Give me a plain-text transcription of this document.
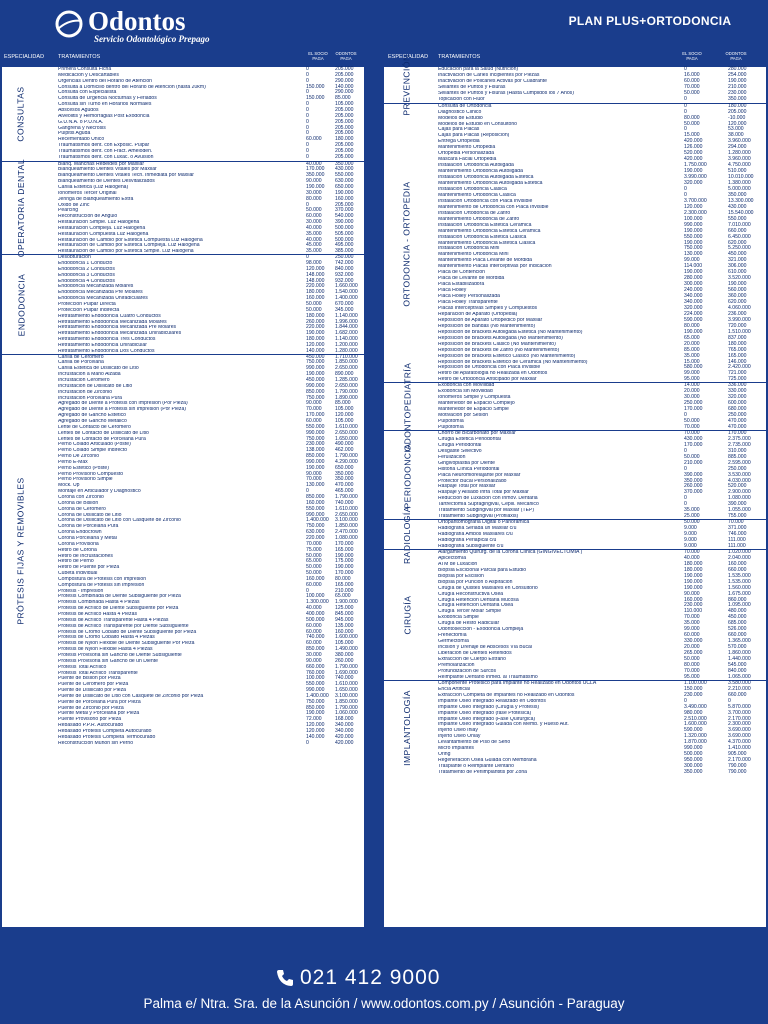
Odontos
Servicio Odontológico Prepago
PLAN PLUS+ORTODONCIA
ESPECIALIDAD	TRATAMIENTOS
EL SOCIO PAGA
ODONTOS PAGA	ESPECIALIDAD TRATAMIENTOS
EL SOCIO PAGA
ODONTOS PAGA
CONSULTAS
Primera Consulta Ficha	0	205.000
Medicación y Descartables	0	205.000
Urgencias Dentro del Horario de Atención	0	290.000
Consulta a Domicilio dentro del Horario de Atención (hasta 20km)	150.000 140.000
Consulta con Especialista	0	290.000
Consulta de Urgencia Nocturnas y Feriados	150.000 85.000
Consulta sin Turno en Horarios Normales	0	105.000
Abscesos Agudos	0	205.000
Alveolitis y Hemorragias Post Exodoncia	0	205.000
G.U.N.A. o P.U.N.A.	0	205.000
Gangrena y Necrosis	0	205.000
Pulpitis Aguda	0	205.000
Recementado Unico	60.000	180.000
Traumatismos dent. con Exposic. Pulpar	0	205.000
Traumatismos dent. con Fract. Ameloden.	0	205.000
Traumatismos dent. con Luxac. o Avulsión	0	205.000
OPERATORIA DENTAL	Blanq. Manchas Rebeldes por Maxilar	40.000	350.000
Blanqueamiento Dientes Vitales por Maxilar	170.000 430.000
Blanqueamiento Dientes Vitales Tecn. Inmediata por Maxilar	350.000 550.000
Blanqueamiento de Dientes Desvitalizados	90.000	630.000
Carilla Estética (Luz Halógena)	190.000 650.000
Ionómeros Tercer Original	30.000	190.000
Jeringa de Blanqueamiento Extra	80.000	160.000
Óxido de Zinc	0	205.000
Pearcing	50.000	370.000
Reconstrucción de Angulo	60.000	540.000
Restauración Simple. Luz Halógena	30.000	390.000
Restauración Compleja. Luz Halógena	40.000	500.000
Restauración Compuesta Luz Halógena	35.000	505.000
Restauración de Cambio por Estética Compuesta Luz Halógena	40.000	500.000
Restauración de Cambio por Estética Compleja. Luz Halógena	45.000	495.000
Restauración de Cambio por Estética Simple. Luz Halógena	35.000	385.000
ENDODONCIA
Desobturación	0	250.000
Endodoncia 1 Conducto	98.000	742.000
Endodoncia 2 Conductos	120.000 840.000
Endodoncia 3 Conductos	148.000 932.000
Endodoncia 4 Conductos	148.000 932.000
Endodoncia Mecanizada Molares	220.000 1.660.000
Endodoncia Mecanizada Pre Molares	180.000 1.540.000
Endodoncia Mecanizada Uniradiculares	160.000 1.400.000
Protección Pulpar Directa	50.000	670.000
Protección Pulpar Indirecta	50.000	345.000
Retratamiento Endodoncia Cuatro Conductos	180.000 1.140.000
Retratamiento Endodoncia Mecanizada Molares	260.000 1.996.000
Retratamiento Endodoncia Mecanizada Pre Molares	220.000 1.844.000
Retratamiento Endodoncia Mecanizada Uniradiculares	190.000 1.682.000
Retratamiento Endodoncia Tres Conductos	180.000 1.140.000
Retratamiento Endodoncia Uniradicular	120.000 1.200.000
Retratamiento Endodoncia Dos Conductos	140.000 1.280.000
PRÓTESIS FIJAS Y REMOVIBLES
Carilla de Ceromero	450.000 1.710.000
Carilla de Porcelana	750.000 1.850.000
Carilla Estética de Disilicato de Litio	990.000 2.650.000
Incrustación a Mano Alzada	190.000 890.000
Incrustación Ceromero	450.000 1.285.000
Incrustación de Disilicato de Litio	990.000 2.650.000
Incrustación de Zirconio	850.000 1.790.000
Incrustación Porcelana Pura	750.000 1.890.000
Agregado de Diente a Prótesis con Impresión (Por Pieza)	90.000	85.000
Agregado de Diente a Prótesis sin Impresión (Por Pieza)	70.000	105.000
Agregado de Gancho Estético	170.000 120.000
Agregado de Gancho Metálico	60.000	105.000
Lente de Contacto de Ceromero	550.000 1.610.000
Lentes de Contacto de Disilicato de Litio	990.000 2.650.000
Lentes de Contacto de Porcelana Pura	750.000 1.650.000
Perno Colado Articulado (Poste)	230.000 490.000
Perno Colado Simple Indirecto	138.000 462.000
Perno De Zirconio	850.000 1.790.000
Perno E-Max	990.000 4.290.000
Perno Estético (Poste)	190.000 650.000
Perno Provisorio Compuesto	90.000	350.000
Perno Provisorio Simple	70.000	350.000
Mock. Up	130.000 470.000
Montaje en Articulador y Diagnostico	0	465.000
Corona con Zirconio	850.000 1.790.000
Corona de Bisilon	160.000 740.000
Corona de Ceromero	550.000 1.610.000
Corona de Disilicato de Litio	990.000 2.650.000
Corona de Disilicato de Litio con Casquete de Zirconio	1.400.000 3.100.000
Corona de Porcelana Pura	750.000 1.850.000
Corona Endocrown	630.000 2.470.000
Corona Porcelana y Metal	220.000 1.080.000
Corona Provisoria	70.000	170.000
Retiro de Corona	75.000	165.000
Retiro de Incrustaciones	50.000	190.000
Retiro de Perno	65.000	175.000
Retiro de Puente por Pieza	50.000	190.000
Cubeta Individual	50.000	170.000
Compostura de Prótesis con Impresión	160.000 80.000
Compostura de Prótesis sin Impresión	60.000	165.000
Prótesis - Impresión	0	210.000
Prótesis Combinada de Diente Subsiguiente por Pieza	100.000 65.000
Prótesis Combinada Hasta 4 Piezas	1.300.000 1.900.000
Prótesis de Acrílico de Diente Subsiguiente por Pieza	40.000	125.000
Prótesis de Acrílico Hasta 4 Piezas	400.000 845.000
Prótesis de Acrílico Transparente Hasta 4 Piezas	500.000 945.000
Prótesis de Acrílico Transparente por Diente Subsiguiente	60.000	135.000
Prótesis de Cromo Cobalto de Diente Subsiguiente por Pieza	60.000	160.000
Prótesis de Cromo Cobalto Hasta 4 Piezas	740.000 1.600.000
Prótesis de Nylon Flexible de Diente Subsiguiente Por Pieza	60.000	105.000
Prótesis de Nylon Flexible Hasta 4 Piezas	850.000 1.490.000
Prótesis Provisoria sin Gancho de Diente Subsiguiente	30.000	380.000
Prótesis Provisoria sin Gancho de un Diente	90.000	260.000
Prótesis Total Acrílico	660.000 1.790.000
Prótesis Total Acrílico Transparente	760.000 1.690.000
Puente de Bisilon por Pieza	100.000 740.000
Puente de Ceromero por Pieza	550.000 1.610.000
Puente de Disilicato por Pieza	990.000 1.650.000
Puente de Disilicato de Litio con Casquete de Zirconio por Pieza	1.400.000 3.100.000
Puente de Porcelana Pura por Pieza	750.000 1.850.000
Puente de Zirconio por Pieza	850.000 1.790.000
Puente Metal y Porcelana por Pieza	190.000 1.060.000
Puente Provisorio por Pieza	72.000	168.000
Rebasado P.P.R. Autocurado	120.000 340.000
Rebasado Prótesis Completa Autocurado	120.000 340.000
Rebasado Prótesis Completa Termocurado	140.000 420.000
Reconstrucción Muñon sin Perno	0	420.000
PREVENCIÓN	Educación para la Salud (Nutrición)	0	280.000
Inactivación de Caries Incipientes por Piezas	16.000	254.000
Inactivación de Policaries Activas por Cuadrante	60.000	190.000
Sellantes de Puntos y Fisuras	70.000	210.000
Sellantes de Puntos y Fisuras (Hasta Cumplidos los 7 Años)	50.000	230.000
Topicacion con Fluor	0	350.000
ORTODONCIA - ORTOPEDIA
Consulta de Ortodoncia	0	180.000
Diagnostico Clinico	0	205.000
Modelos de Estudio	80.000	-10.000
Modelos de Estudio en Consultorio	50.000	120.000
Cajas para Placas	0	53.000
Cajas para Placas (Reposición)	15.000	38.000
Entrega Ortopedia	420.000	3.960.000
Mantenimiento Ortopedia	126.000	294.000
Ortopedia Personalizada	520.000	1.280.000
Mascara Facial Ortopedia	420.000	3.960.000
Instalacion Ortodoncia Autoligada	1.750.000	4.750.000
Mantenimiento Ortodoncia Autoligada	190.000	510.000
Instalacion Ortodoncia Autoligada Estetica	3.990.000	10.010.000
Mantenimiento Ortodoncia Autoligada Estetica	320.000	1.380.000
Instalacion Ortodoncia Clasica	0	5.000.000
Mantenimiento Ortodoncia Clasica	0	350.000
Instalacion Ortodoncia con Placa Invisible	3.700.000	13.300.000
Mantenimiento de Ortodoncia con Placa Invisible	120.000	430.000
Instalacion Ortodoncia de Zafiro	2.300.000	15.540.000
Mantenimiento Ortodoncia de Zafiro	100.000	550.000
Instalacion Ortodoncia Estetica Ceramica	990.000	7.010.000
Mantenimiento Ortodoncia Estetica Ceramica	190.000	660.000
Instalacion Ortodoncia Estetica Clasica	550.000	6.450.000
Mantenimiento Ortodoncia Estetica Clasica	190.000	620.000
Instalacion Ortodoncia Mini	750.000	5.250.000
Mantenimiento Ortodoncia Mini	130.000	450.000
Mantenimiento Placa Levante de Mordida	99.000	321.000
Mantenimiento Placas Interceptivas por Indicacion	114.000	306.000
Placa de Contencion	190.000	610.000
Placa de Levante de Mordida	280.000	3.520.000
Placa Estabilizadora	300.000	190.000
Placa Holley	240.000	560.000
Placa Holley Personalizada	340.000	360.000
Placa Holley Transparente	340.000	620.000
Placas Interceptivas Simples y Compuestos	320.000	4.060.000
Reparacion de Aparato (Ortopedia)	224.000	236.000
Reposicion de Aparato Ortopedico por Maxilar	590.000	3.990.000
Reposicion de Bandas (No Mantenimiento)	80.000	720.000
Reposicion de Brackets Autoligada Estetica (No Mantenimiento)	190.000	1.510.000
Reposicion de Brackets Autoligada (No Mantenimiento)	65.000	837.000
Reposicion de Brackets Clasico (No Mantenimiento)	20.000	180.000
Reposicion de Brackets de Zafiro (No Mantenimiento)	85.000	765.000
Reposicion de Brackets Estetico Clasico (No Mantenimiento)	35.000	165.000
Reposicion de Brackets Estetico de Ceramica (No Mantenimiento)	15.000	146.000
Reposicion de Ortodoncia con Placa Invisible	580.000	2.420.000
Retiro de Aparatologia no Realizada en Odontos	99.000	721.000
Retiro de Ortodoncia Anticipado por Maxilar	95.000	725.000
ODONTOPEDIATRÍA	Exodoncia con Movilidad	14.000	336.000
Exodoncia sin Movilidad	20.000	330.000
Ionómeros Simple y Compuesta	30.000	320.000
Mantenedor de Espacio Complejo	250.000	600.000
Mantenedor de Espacio Simple	170.000	680.000
Motivación por Sesion	0	250.000
Pulpotomía	50.000	470.000
Pulpotomía	70.000	470.000
PERIODONCIA
Chorro de Bicarbonato por Maxilar	70.000	170.000
Cirugia Estetica Periodontal	430.000	2.375.000
Cirugia Periodontal	170.000	2.735.000
Desgaste Selectivo	0	310.000
Ferulización	50.000	885.000
Gingivoplastia por Diente	210.000	2.595.000
Historia Clínica Periodontal	0	250.000
Placa Neuromiorelajante por Maxilar	390.000	3.530.000
Protector Bucal Personalizado	350.000	4.030.000
Raspaje Total por Maxilar	260.000	520.000
Raspaje y Alisado Infra Total por Maxilar	370.000	2.900.000
Reducción de Luxación con Inmov. Dentaria	0	1.080.000
Tartrectomía Supragingival, Cepill. Mecánico	0	390.000
Tratamiento Subgingival por Maxilar (TEP)	35.000	1.055.000
Tratamiento Subgingival (Profilaxis)	25.000	755.000
RADIOLOGÍA	Ortopantomografía Digital o Panorámica	50.000	70.000
Radiografía Seriada un Maxilar c/u	9.000	371.000
Radiografía Ambos Maxilares c/u	9.000	746.000
Radiografía Periapical c/u	9.000	111.000
Radiografía Subsiguiente c/u	9.000	111.000
CIRUGÍA
Alargamiento Quirúrg. de la Corona Clínica (GINGIVECTOMÍA )	70.000	1.020.000
Apicectomía	40.000	2.040.000
ATM de Luxación	180.000	160.000
Biopsia Escicional Parcial para Estudio	180.000	660.000
Biopsia por Escisión	190.000	1.535.000
Biopsia por Punción o Aspiración	190.000	1.535.000
Cirugía de Quistes Maxilares en Consultorio	190.000	1.560.000
Cirugía Reconstructiva Ósea	90.000	1.675.000
Cirugía Retención Dentaria Mucosa	160.000	860.000
Cirugía Retención Dentaria Ósea	230.000	1.095.000
Cirugía Tercer Molar Simple	110.000	480.000
Exodoncia Simple	70.000	450.000
Cirugía de Resto Radicular	35.000	685.000
Odontosección - Exodoncia Compleja	99.000	526.000
Frenectomía	60.000	660.000
Germectomía	330.000	1.365.000
Incisión y Drenaje de Abscesos Vía Bucal	20.000	570.000
Liberación de Dientes Retenidos	265.000	1.860.000
Extracción de Cuerpo Extraño	50.000	1.440.000
Premolarización	80.000	545.000
Profundización de Surcos	70.000	840.000
Reimplante Dentario Inmed. al Traumatismo	95.000	1.065.000
IMPLANTOLOGÍA
Componente Protésico para Implante no Realizado en Odontos UCLA	1.100.000	3.580.000
Encía Artificial	150.000	2.210.000
Extraccion Completa de Implantes no Realizado en Odontos	230.000	660.000
Implante Oseo Integrado Realizado en Odontos	0	0
Implante Óseo Integrado (Cirugía y Prótesis)	3.490.000	5.870.000
Implante Óseo Integrado (fase Protesica)	980.000	3.700.000
Implante Óseo Integrado (Fase Quirúrgica)	2.510.000	2.170.000
Implante Óseo Integrado Guiada con Memb. y Hueso Aut.	1.600.000	2.300.000
Injerto Óseo Inlay	590.000	3.690.000
Injerto Óseo Onlay	1.320.000	3.690.000
Levantamiento de Piso de Seno	1.870.000	4.370.000
Micro Implantes	990.000	1.410.000
Oring	500.000	905.000
Regeneracion Ósea Guiada con Membrana	950.000	2.170.000
Trasplante o Reimplante Dentario	300.000	790.000
Tratamiento de Periimplantitis por Zona	350.000	790.000
021 412 9000
Palma e/ Ntra. Sra. de la Asunción / www.odontos.com.py / Asunción - Paraguay
